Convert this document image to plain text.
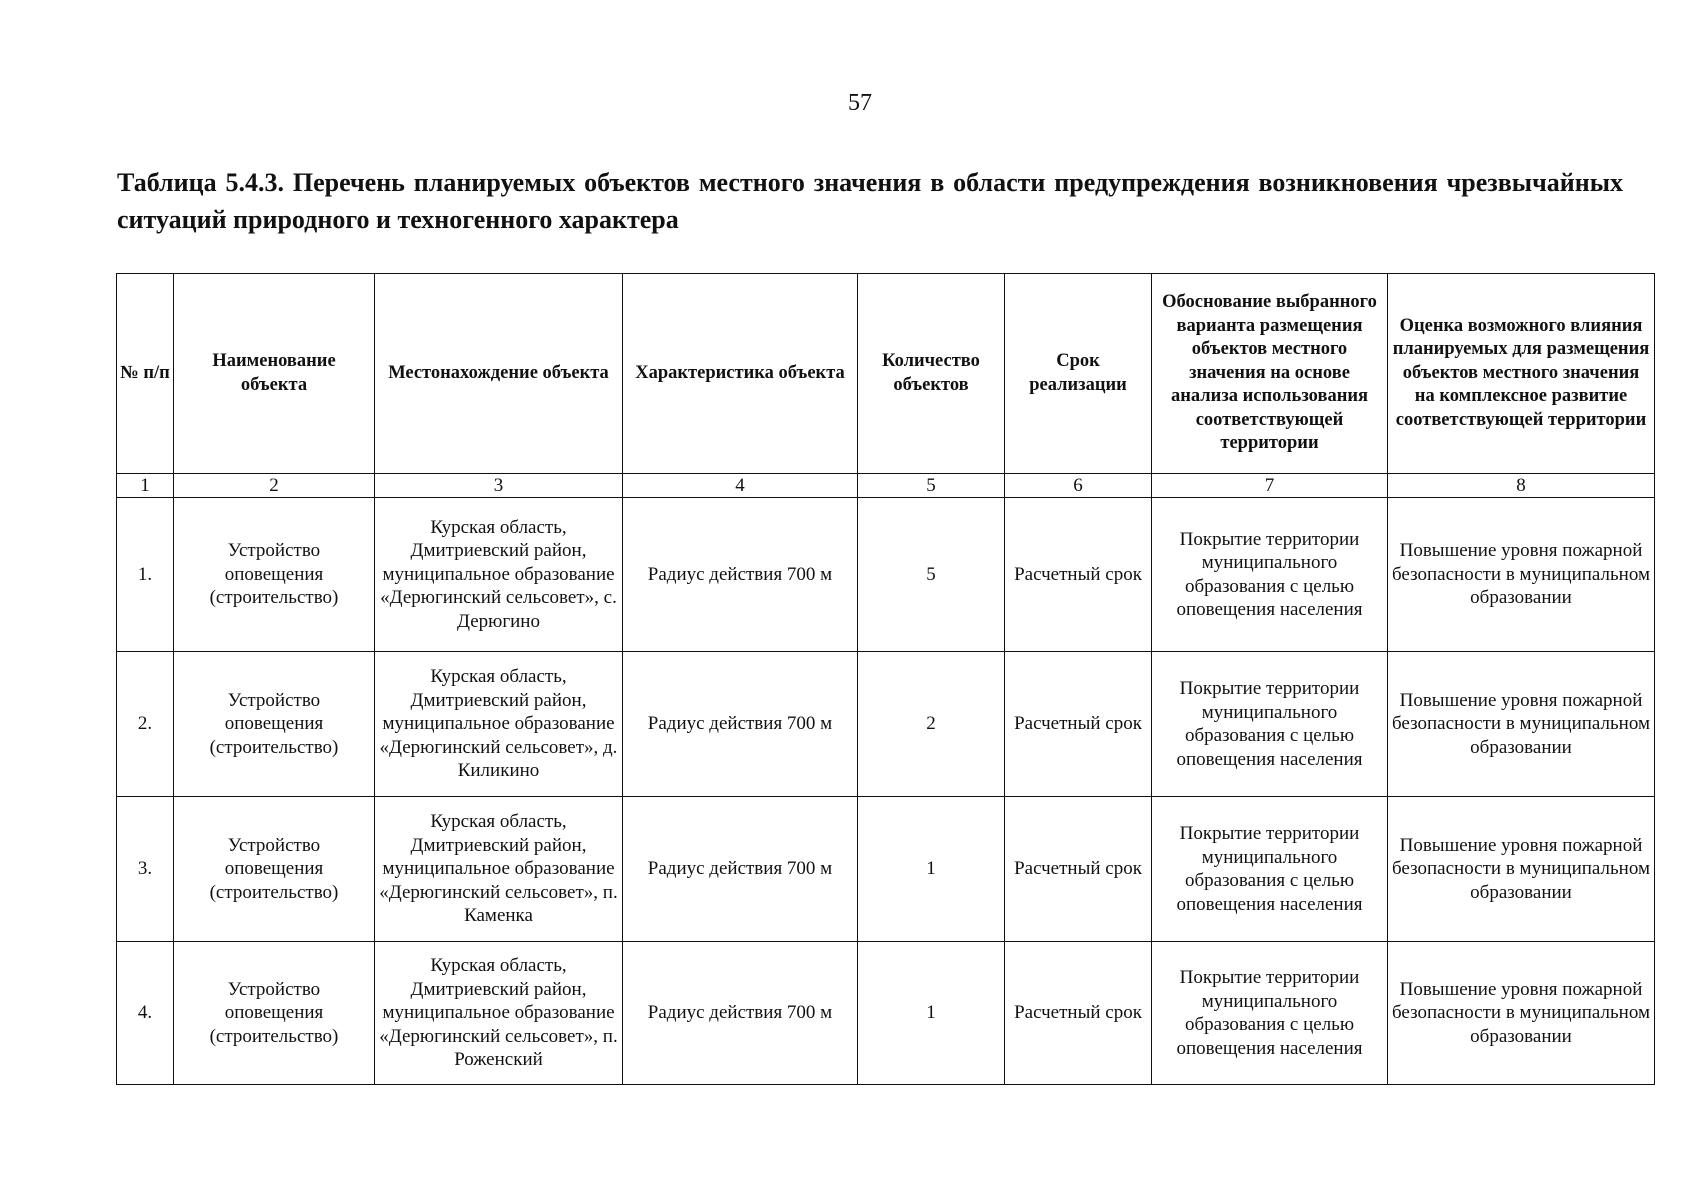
57
Таблица 5.4.3. Перечень планируемых объектов местного значения в области предупреждения возникновения чрезвычайных ситуаций природного и техногенного характера
№ п/п	Наименование объекта	Местонахождение объекта	Характеристика объекта	Количество объектов	Срок реализации	Обоснование выбранного варианта размещения объектов местного значения на основе анализа использования соответствующей территории	Оценка возможного влияния планируемых для размещения объектов местного значения на комплексное развитие соответствующей территории
1	2	3	4	5	6	7	8
1.	Устройство оповещения (строительство)	Курская область, Дмитриевский район, муниципальное образование «Дерюгинский сельсовет», с. Дерюгино	Радиус действия 700 м	5	Расчетный срок	Покрытие территории муниципального образования с целью оповещения населения	Повышение уровня пожарной безопасности в муниципальном образовании
2.	Устройство оповещения (строительство)	Курская область, Дмитриевский район, муниципальное образование «Дерюгинский сельсовет», д. Киликино	Радиус действия 700 м	2	Расчетный срок	Покрытие территории муниципального образования с целью оповещения населения	Повышение уровня пожарной безопасности в муниципальном образовании
3.	Устройство оповещения (строительство)	Курская область, Дмитриевский район, муниципальное образование «Дерюгинский сельсовет», п. Каменка	Радиус действия 700 м	1	Расчетный срок	Покрытие территории муниципального образования с целью оповещения населения	Повышение уровня пожарной безопасности в муниципальном образовании
4.	Устройство оповещения (строительство)	Курская область, Дмитриевский район, муниципальное образование «Дерюгинский сельсовет», п. Роженский	Радиус действия 700 м	1	Расчетный срок	Покрытие территории муниципального образования с целью оповещения населения	Повышение уровня пожарной безопасности в муниципальном образовании
